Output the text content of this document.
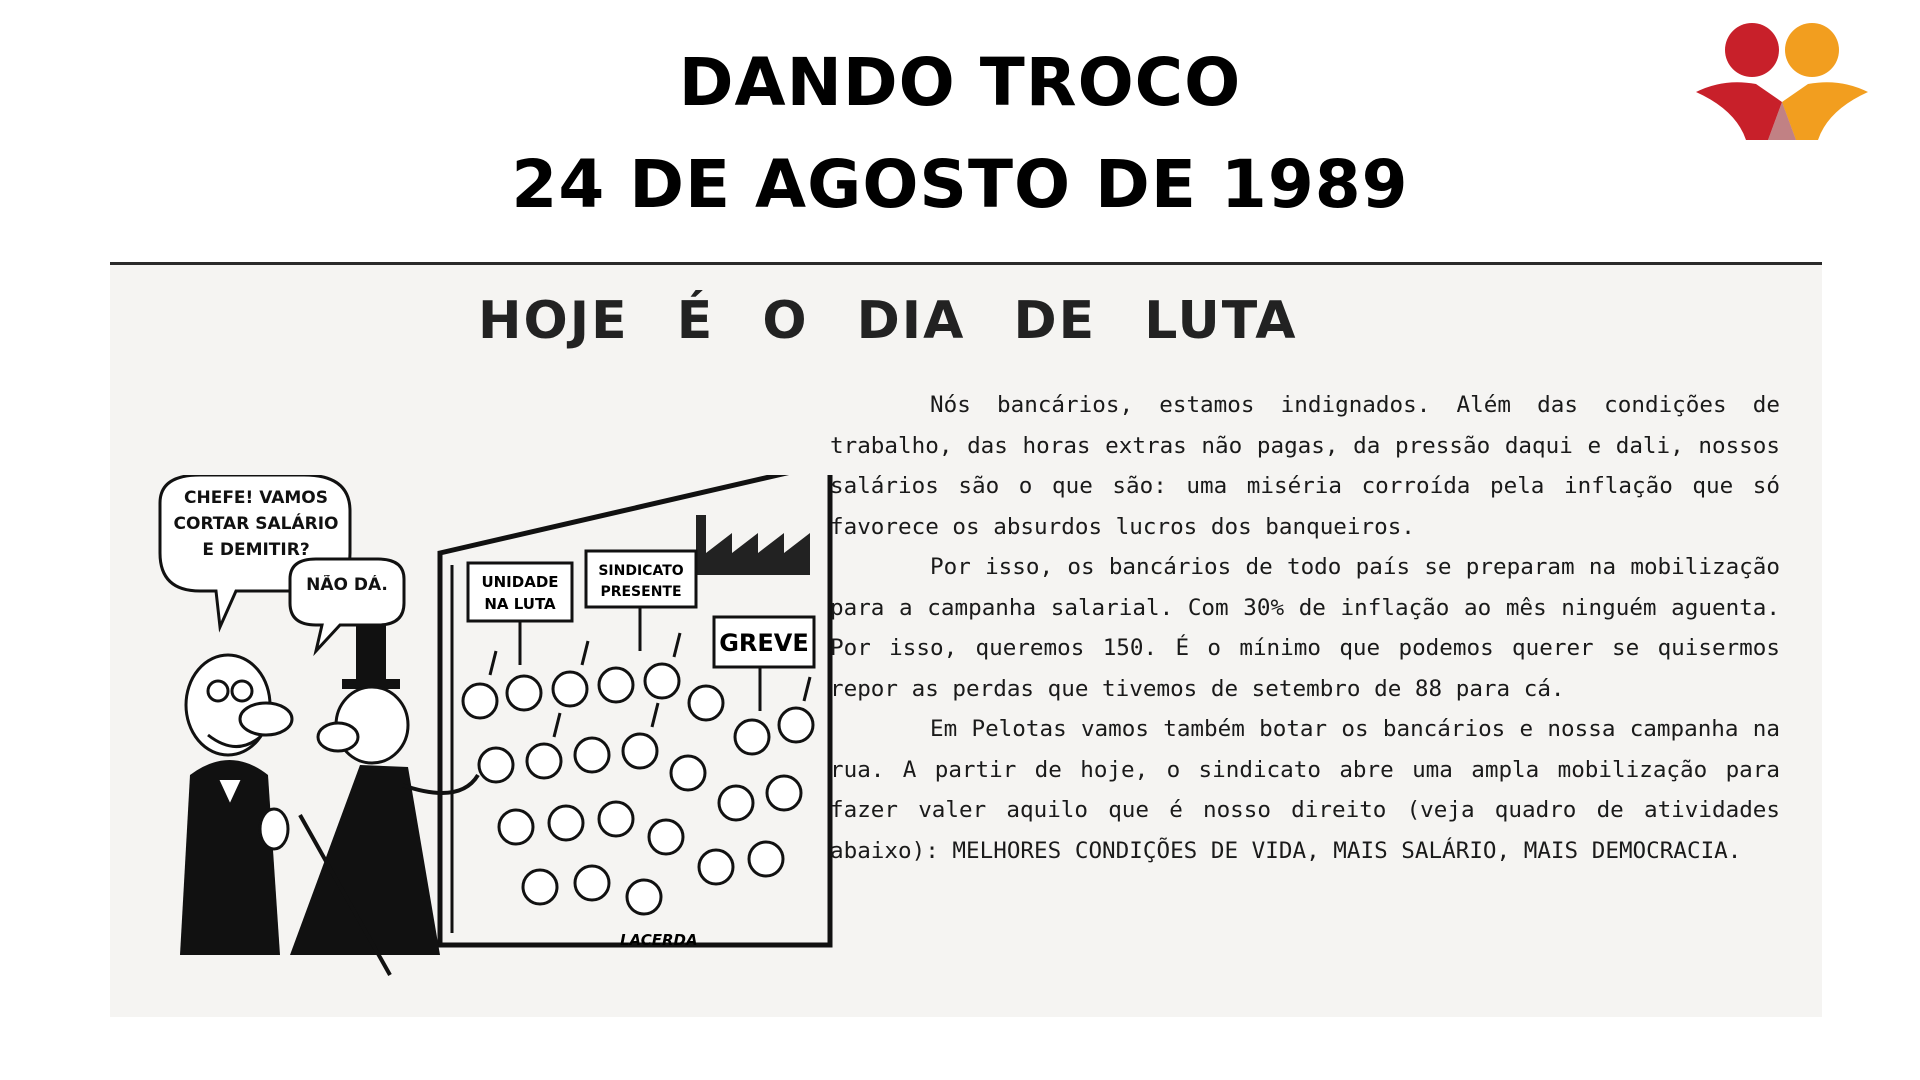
DANDO TROCO
24 DE AGOSTO DE 1989
HOJE É O DIA DE LUTA
UNIDADE
NA LUTA
SINDICATO
PRESENTE
GREVE
CHEFE! VAMOS CORTAR SALÁRIO E DEMITIR?
NÃO DÁ.
LACERDA

Nós bancários, estamos indignados. Além das condições de trabalho, das horas extras não pagas, da pressão daqui e dali, nossos salários são o que são: uma miséria corroída pela inflação que só favorece os absurdos lucros dos banqueiros.

Por isso, os bancários de todo país se preparam na mobilização para a campanha salarial. Com 30% de inflação ao mês ninguém aguenta. Por isso, queremos 150. É o mínimo que podemos querer se quisermos repor as perdas que tivemos de setembro de 88 para cá.

Em Pelotas vamos também botar os bancários e nossa campanha na rua. A partir de hoje, o sindicato abre uma ampla mobilização para fazer valer aquilo que é nosso direito (veja quadro de atividades abaixo): MELHORES CONDIÇÕES DE VIDA, MAIS SALÁRIO, MAIS DEMOCRACIA.
